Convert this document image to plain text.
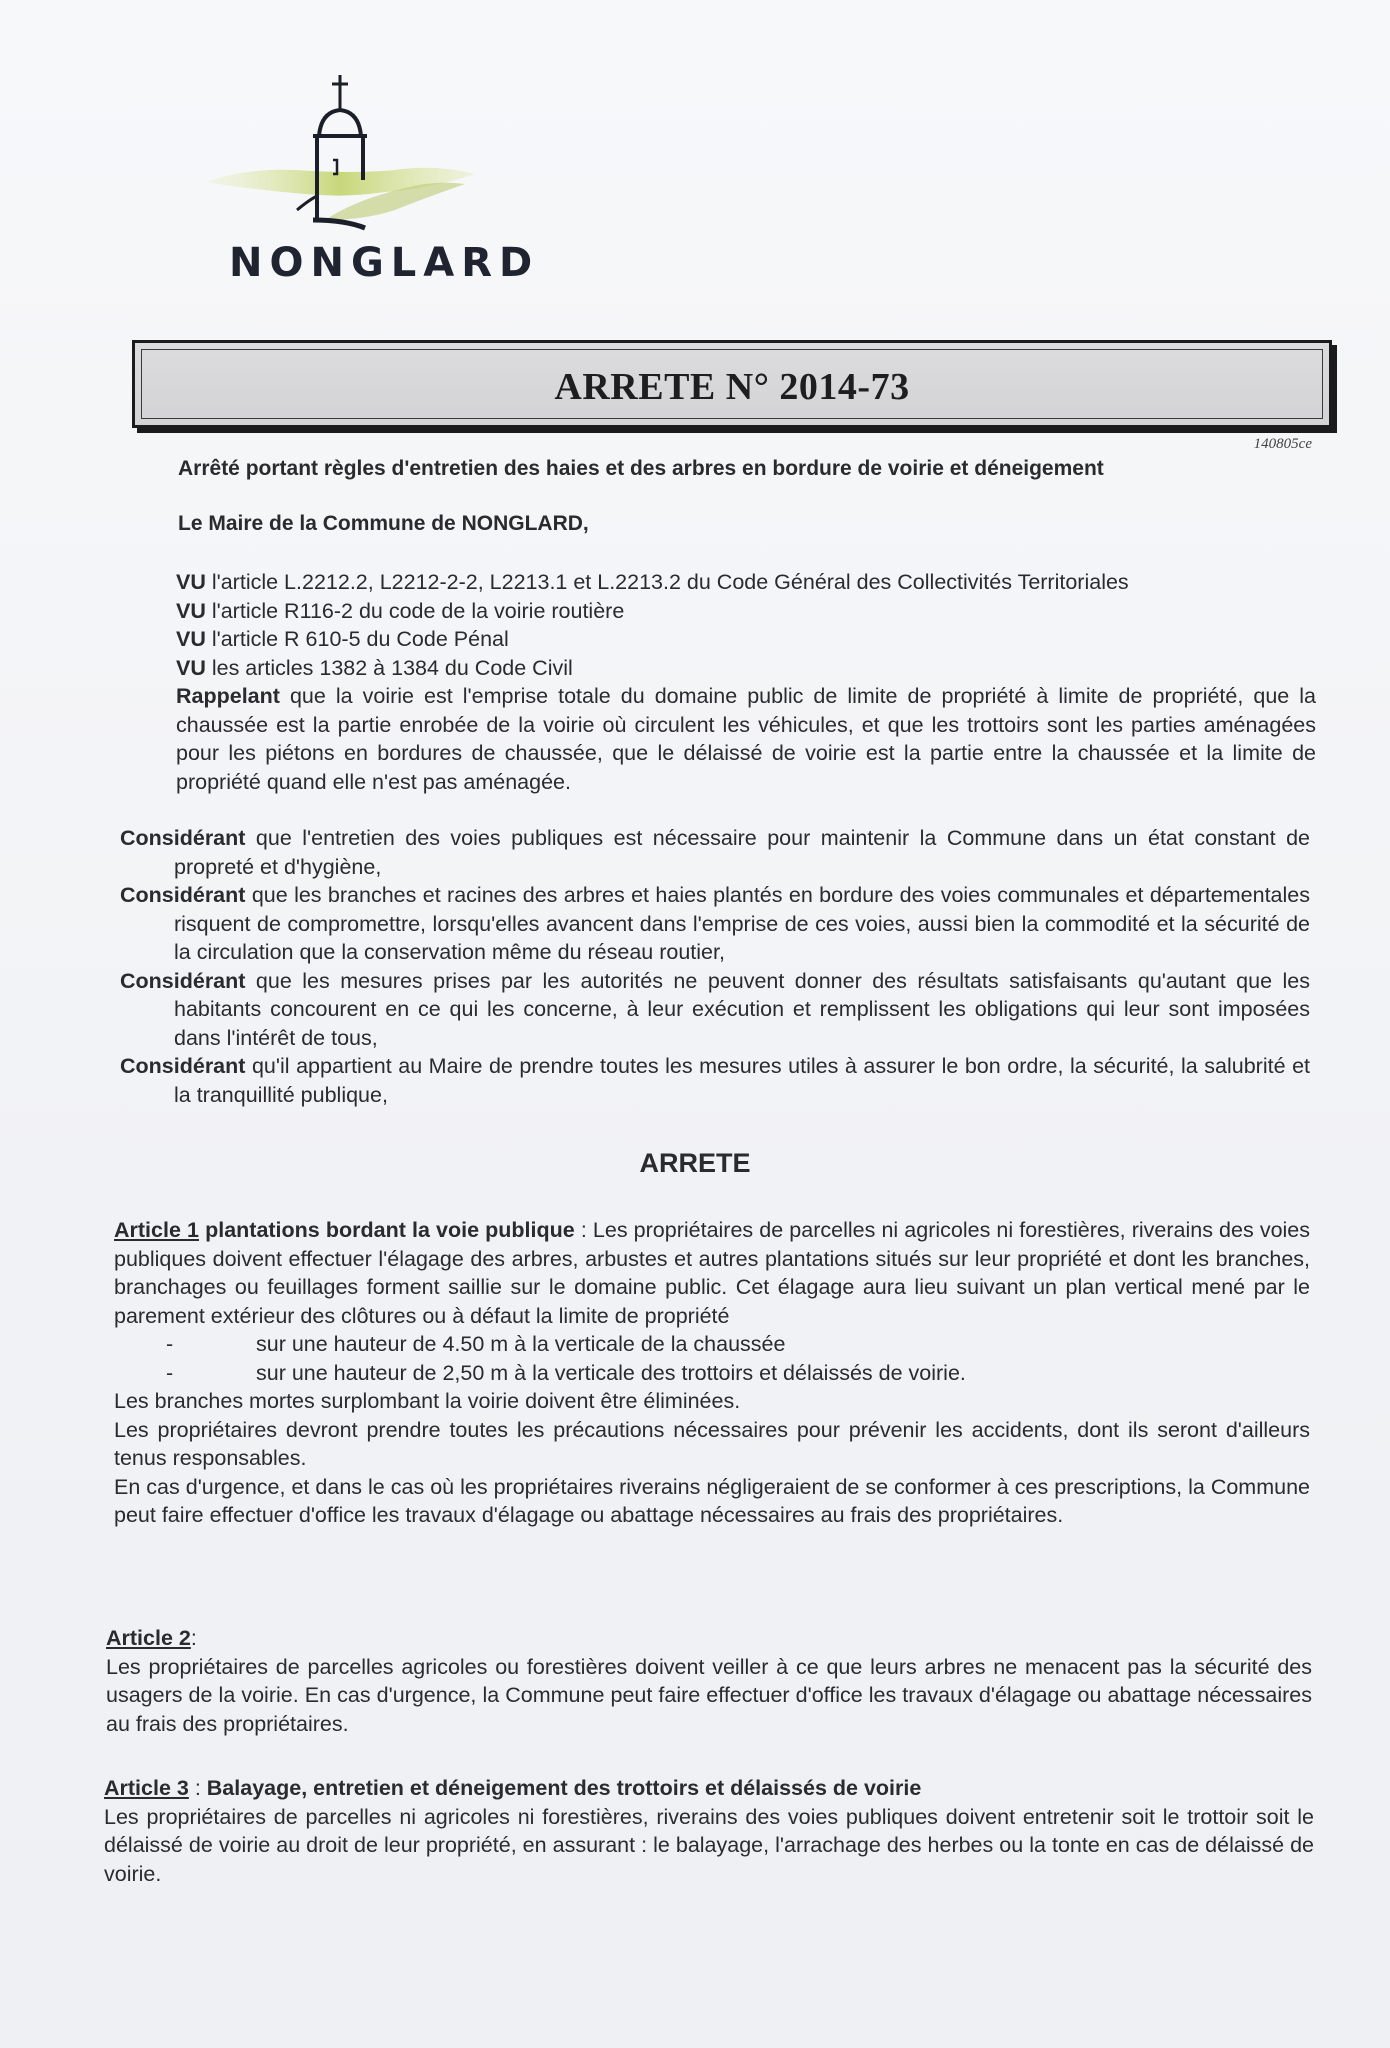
NONGLARD
ARRETE N° 2014-73
140805ce
Arrêté portant règles d'entretien des haies et des arbres en bordure de voirie et déneigement
Le Maire de la Commune de NONGLARD,

VU l'article L.2212.2, L2212-2-2, L2213.1 et L.2213.2 du Code Général des Collectivités Territoriales

VU l'article R116-2 du code de la voirie routière

VU l'article R 610-5 du Code Pénal

VU les articles 1382 à 1384 du Code Civil

Rappelant que la voirie est l'emprise totale du domaine public de limite de propriété à limite de propriété, que la chaussée est la partie enrobée de la voirie où circulent les véhicules, et que les trottoirs sont les parties aménagées pour les piétons en bordures de chaussée, que le délaissé de voirie est la partie entre la chaussée et la limite de propriété quand elle n'est pas aménagée.

Considérant que l'entretien des voies publiques est nécessaire pour maintenir la Commune dans un état constant de propreté et d'hygiène,

Considérant que les branches et racines des arbres et haies plantés en bordure des voies communales et départementales risquent de compromettre, lorsqu'elles avancent dans l'emprise de ces voies, aussi bien la commodité et la sécurité de la circulation que la conservation même du réseau routier,

Considérant que les mesures prises par les autorités ne peuvent donner des résultats satisfaisants qu'autant que les habitants concourent en ce qui les concerne, à leur exécution et remplissent les obligations qui leur sont imposées dans l'intérêt de tous,

Considérant qu'il appartient au Maire de prendre toutes les mesures utiles à assurer le bon ordre, la sécurité, la salubrité et la tranquillité publique,

ARRETE

Article 1 plantations bordant la voie publique : Les propriétaires de parcelles ni agricoles ni forestières, riverains des voies publiques doivent effectuer l'élagage des arbres, arbustes et autres plantations situés sur leur propriété et dont les branches, branchages ou feuillages forment saillie sur le domaine public. Cet élagage aura lieu suivant un plan vertical mené par le parement extérieur des clôtures ou à défaut la limite de propriété

-	sur une hauteur de 4.50 m à la verticale de la chaussée

-	sur une hauteur de 2,50 m à la verticale des trottoirs et délaissés de voirie.

Les branches mortes surplombant la voirie doivent être éliminées.

Les propriétaires devront prendre toutes les précautions nécessaires pour prévenir les accidents, dont ils seront d'ailleurs tenus responsables.

En cas d'urgence, et dans le cas où les propriétaires riverains négligeraient de se conformer à ces prescriptions, la Commune peut faire effectuer d'office les travaux d'élagage ou abattage nécessaires au frais des propriétaires.

Article 2:

Les propriétaires de parcelles agricoles ou forestières doivent veiller à ce que leurs arbres ne menacent pas la sécurité des usagers de la voirie. En cas d'urgence, la Commune peut faire effectuer d'office les travaux d'élagage ou abattage nécessaires au frais des propriétaires.

Article 3 : Balayage, entretien et déneigement des trottoirs et délaissés de voirie

Les propriétaires de parcelles ni agricoles ni forestières, riverains des voies publiques doivent entretenir soit le trottoir soit le délaissé de voirie au droit de leur propriété, en assurant : le balayage, l'arrachage des herbes ou la tonte en cas de délaissé de voirie.
